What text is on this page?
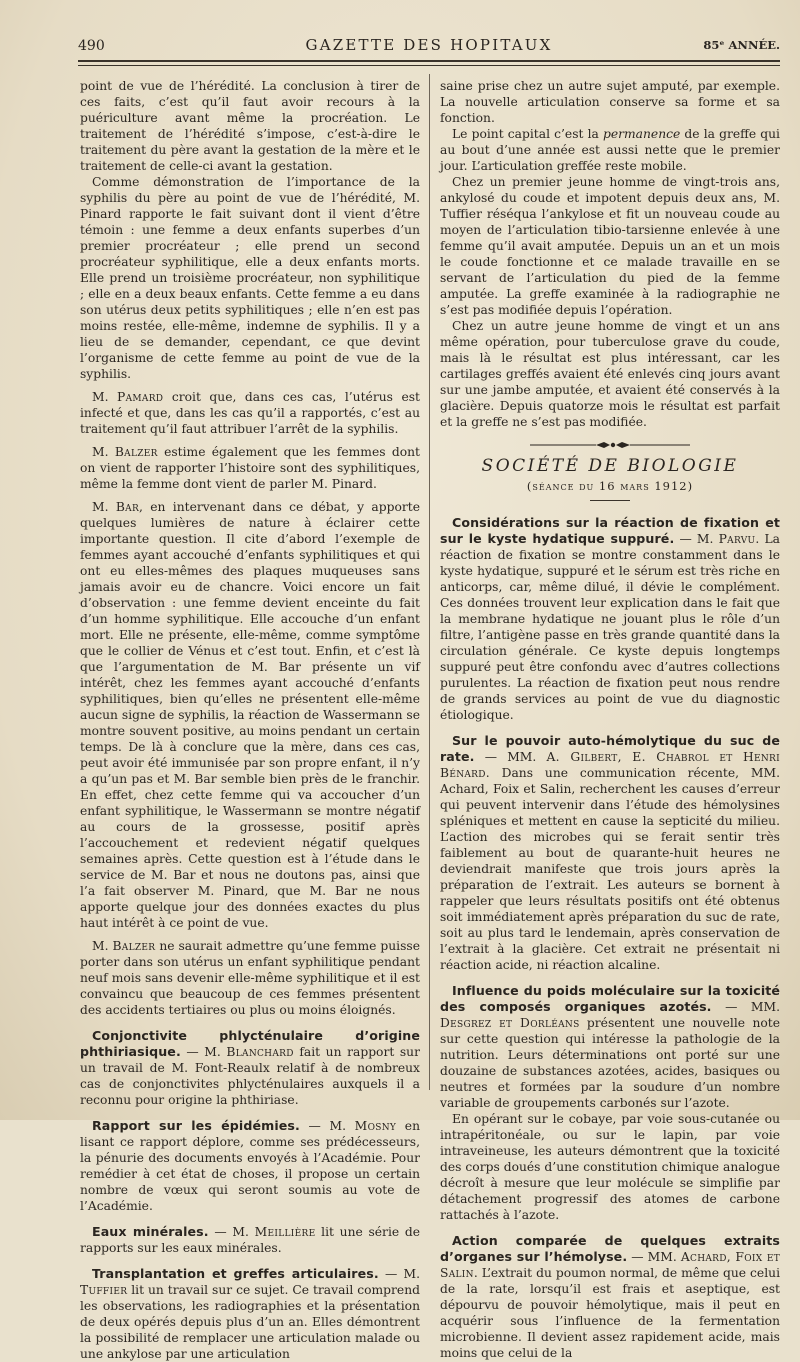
490	GAZETTE DES HOPITAUX	85ᵉ ANNÉE.

point de vue de l’hérédité. La conclusion à tirer de ces faits, c’est qu’il faut avoir recours à la puériculture avant même la procréation. Le traitement de l’hérédité s’impose, c’est-à-dire le traitement du père avant la gestation de la mère et le traitement de celle-ci avant la gestation.

Comme démonstration de l’importance de la syphilis du père au point de vue de l’hérédité, M. Pinard rapporte le fait suivant dont il vient d’être témoin : une femme a deux enfants superbes d’un premier procréateur ; elle prend un second procréateur syphilitique, elle a deux enfants morts. Elle prend un troisième procréateur, non syphilitique ; elle en a deux beaux enfants. Cette femme a eu dans son utérus deux petits syphilitiques ; elle n’en est pas moins restée, elle-même, indemne de syphilis. Il y a lieu de se demander, cependant, ce que devint l’organisme de cette femme au point de vue de la syphilis.

M. Pamard croit que, dans ces cas, l’utérus est infecté et que, dans les cas qu’il a rapportés, c’est au traitement qu’il faut attribuer l’arrêt de la syphilis.

M. Balzer estime également que les femmes dont on vient de rapporter l’histoire sont des syphilitiques, même la femme dont vient de parler M. Pinard.

M. Bar, en intervenant dans ce débat, y apporte quelques lumières de nature à éclairer cette importante question. Il cite d’abord l’exemple de femmes ayant accouché d’enfants syphilitiques et qui ont eu elles-mêmes des plaques muqueuses sans jamais avoir eu de chancre. Voici encore un fait d’observation : une femme devient enceinte du fait d’un homme syphilitique. Elle accouche d’un enfant mort. Elle ne présente, elle-même, comme symptôme que le collier de Vénus et c’est tout. Enfin, et c’est là que l’argumentation de M. Bar présente un vif intérêt, chez les femmes ayant accouché d’enfants syphilitiques, bien qu’elles ne présentent elle-même aucun signe de syphilis, la réaction de Wassermann se montre souvent positive, au moins pendant un certain temps. De là à conclure que la mère, dans ces cas, peut avoir été immunisée par son propre enfant, il n’y a qu’un pas et M. Bar semble bien près de le franchir. En effet, chez cette femme qui va accoucher d’un enfant syphilitique, le Wassermann se montre négatif au cours de la grossesse, positif après l’accouchement et redevient négatif quelques semaines après. Cette question est à l’étude dans le service de M. Bar et nous ne doutons pas, ainsi que l’a fait observer M. Pinard, que M. Bar ne nous apporte quelque jour des données exactes du plus haut intérêt à ce point de vue.

M. Balzer ne saurait admettre qu’une femme puisse porter dans son utérus un enfant syphilitique pendant neuf mois sans devenir elle-même syphilitique et il est convaincu que beaucoup de ces femmes présentent des accidents tertiaires ou plus ou moins éloignés.

Conjonctivite phlycténulaire d’origine phthiriasique. — M. Blanchard fait un rapport sur un travail de M. Font-Reaulx relatif à de nombreux cas de conjonctivites phlycténulaires auxquels il a reconnu pour origine la phthiriase.

Rapport sur les épidémies. — M. Mosny en lisant ce rapport déplore, comme ses prédécesseurs, la pénurie des documents envoyés à l’Académie. Pour remédier à cet état de choses, il propose un certain nombre de vœux qui seront soumis au vote de l’Académie.

Eaux minérales. — M. Meillière lit une série de rapports sur les eaux minérales.

Transplantation et greffes articulaires. — M. Tuffier lit un travail sur ce sujet. Ce travail comprend les observations, les radiographies et la présentation de deux opérés depuis plus d’un an. Elles démontrent la possibilité de remplacer une articulation malade ou une ankylose par une articulation

saine prise chez un autre sujet amputé, par exemple. La nouvelle articulation conserve sa forme et sa fonction.

Le point capital c’est la permanence de la greffe qui au bout d’une année est aussi nette que le premier jour. L’articulation greffée reste mobile.

Chez un premier jeune homme de vingt-trois ans, ankylosé du coude et impotent depuis deux ans, M. Tuffier réséqua l’ankylose et fit un nouveau coude au moyen de l’articulation tibio-tarsienne enlevée à une femme qu’il avait amputée. Depuis un an et un mois le coude fonctionne et ce malade travaille en se servant de l’articulation du pied de la femme amputée. La greffe examinée à la radiographie ne s’est pas modifiée depuis l’opération.

Chez un autre jeune homme de vingt et un ans même opération, pour tuberculose grave du coude, mais là le résultat est plus intéressant, car les cartilages greffés avaient été enlevés cinq jours avant sur une jambe amputée, et avaient été conservés à la glacière. Depuis quatorze mois le résultat est parfait et la greffe ne s’est pas modifiée.

SOCIÉTÉ DE BIOLOGIE
(séance du 16 mars 1912)

Considérations sur la réaction de fixation et sur le kyste hydatique suppuré. — M. Parvu. La réaction de fixation se montre constamment dans le kyste hydatique, suppuré et le sérum est très riche en anticorps, car, même dilué, il dévie le complément. Ces données trouvent leur explication dans le fait que la membrane hydatique ne jouant plus le rôle d’un filtre, l’antigène passe en très grande quantité dans la circulation générale. Ce kyste depuis longtemps suppuré peut être confondu avec d’autres collections purulentes. La réaction de fixation peut nous rendre de grands services au point de vue du diagnostic étiologique.

Sur le pouvoir auto-hémolytique du suc de rate. — MM. A. Gilbert, E. Chabrol et Henri Bénard. Dans une communication récente, MM. Achard, Foix et Salin, recherchent les causes d’erreur qui peuvent intervenir dans l’étude des hémolysines spléniques et mettent en cause la septicité du milieu. L’action des microbes qui se ferait sentir très faiblement au bout de quarante-huit heures ne deviendrait manifeste que trois jours après la préparation de l’extrait. Les auteurs se bornent à rappeler que leurs résultats positifs ont été obtenus soit immédiatement après préparation du suc de rate, soit au plus tard le lendemain, après conservation de l’extrait à la glacière. Cet extrait ne présentait ni réaction acide, ni réaction alcaline.

Influence du poids moléculaire sur la toxicité des composés organiques azotés. — MM. Desgrez et Dorléans présentent une nouvelle note sur cette question qui intéresse la pathologie de la nutrition. Leurs déterminations ont porté sur une douzaine de substances azotées, acides, basiques ou neutres et formées par la soudure d’un nombre variable de groupements carbonés sur l’azote.

En opérant sur le cobaye, par voie sous-cutanée ou intrapéritonéale, ou sur le lapin, par voie intraveineuse, les auteurs démontrent que la toxicité des corps doués d’une constitution chimique analogue décroît à mesure que leur molécule se simplifie par détachement progressif des atomes de carbone rattachés à l’azote.

Action comparée de quelques extraits d’organes sur l’hémolyse. — MM. Achard, Foix et Salin. L’extrait du poumon normal, de même que celui de la rate, lorsqu’il est frais et aseptique, est dépourvu de pouvoir hémolytique, mais il peut en acquérir sous l’influence de la fermentation microbienne. Il devient assez rapidement acide, mais moins que celui de la
